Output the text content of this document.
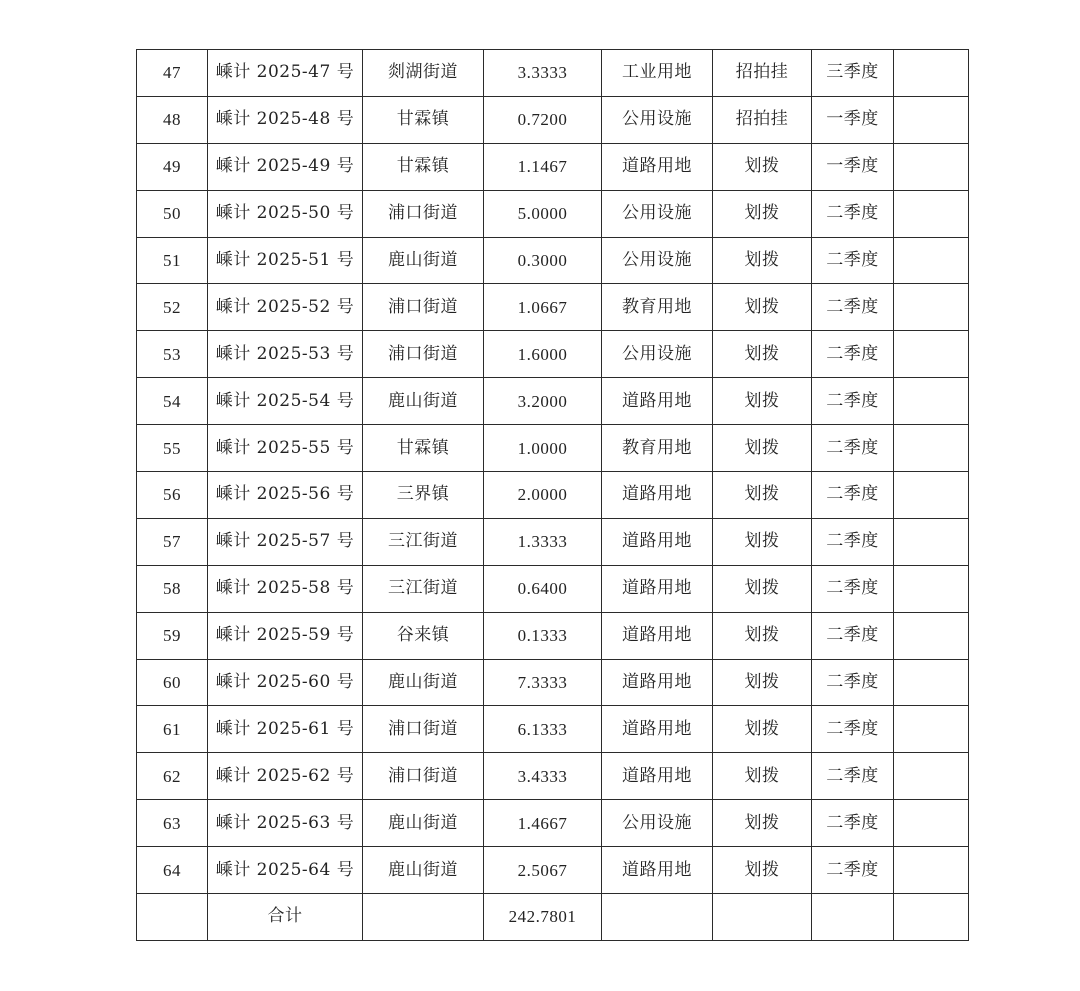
47	嵊计 2025-47 号	剡湖街道	3.3333	工业用地	招拍挂	三季度	
48	嵊计 2025-48 号	甘霖镇	0.7200	公用设施	招拍挂	一季度	
49	嵊计 2025-49 号	甘霖镇	1.1467	道路用地	划拨	一季度	
50	嵊计 2025-50 号	浦口街道	5.0000	公用设施	划拨	二季度	
51	嵊计 2025-51 号	鹿山街道	0.3000	公用设施	划拨	二季度	
52	嵊计 2025-52 号	浦口街道	1.0667	教育用地	划拨	二季度	
53	嵊计 2025-53 号	浦口街道	1.6000	公用设施	划拨	二季度	
54	嵊计 2025-54 号	鹿山街道	3.2000	道路用地	划拨	二季度	
55	嵊计 2025-55 号	甘霖镇	1.0000	教育用地	划拨	二季度	
56	嵊计 2025-56 号	三界镇	2.0000	道路用地	划拨	二季度	
57	嵊计 2025-57 号	三江街道	1.3333	道路用地	划拨	二季度	
58	嵊计 2025-58 号	三江街道	0.6400	道路用地	划拨	二季度	
59	嵊计 2025-59 号	谷来镇	0.1333	道路用地	划拨	二季度	
60	嵊计 2025-60 号	鹿山街道	7.3333	道路用地	划拨	二季度	
61	嵊计 2025-61 号	浦口街道	6.1333	道路用地	划拨	二季度	
62	嵊计 2025-62 号	浦口街道	3.4333	道路用地	划拨	二季度	
63	嵊计 2025-63 号	鹿山街道	1.4667	公用设施	划拨	二季度	
64	嵊计 2025-64 号	鹿山街道	2.5067	道路用地	划拨	二季度	
	合计		242.7801				
